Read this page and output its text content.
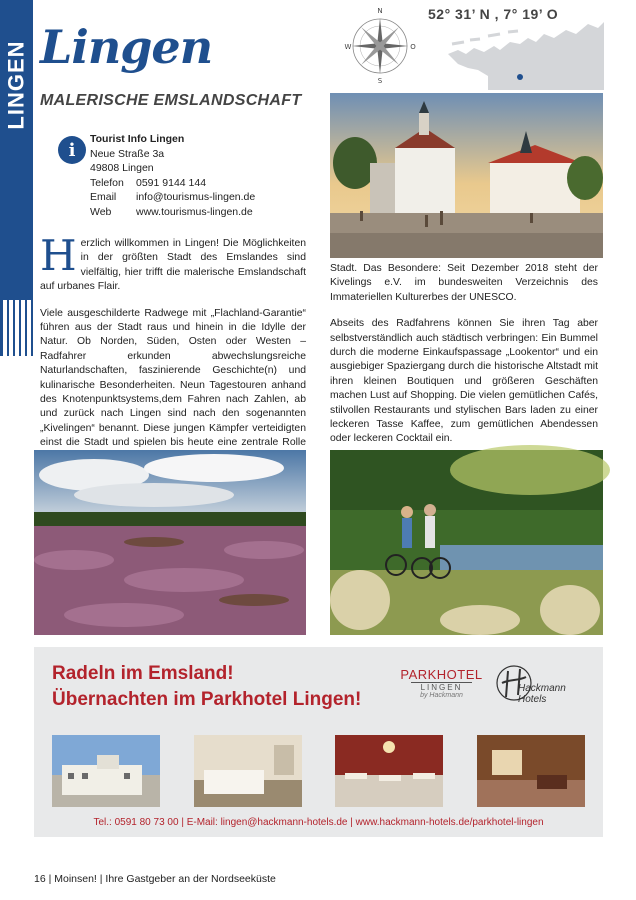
LINGEN Lingen
MALERISCHE EMSLANDSCHAFT
N
S
O
W
52° 31’ N , 7° 19’ O
i
Tourist Info Lingen
Neue Straße 3a
49808 Lingen
Telefon	0591 9144 144
Email	info@tourismus-lingen.de
Web	www.tourismus-lingen.de

Herzlich willkommen in Lingen! Die Möglichkeiten in der größten Stadt des Emslandes sind vielfältig, hier trifft die malerische Emslandschaft auf urbanes Flair.

Viele ausgeschilderte Radwege mit „Flachland-Garantie“ führen aus der Stadt raus und hinein in die Idylle der Natur. Ob Norden, Süden, Osten oder Westen – Radfahrer erkunden abwechslungsreiche Naturlandschaften, faszinierende Geschichte(n) und kulinarische Besonderheiten. Neun Tagestouren anhand des Knotenpunktsystems,dem Fahren nach Zahlen, ab und zurück nach Lingen sind nach den sogenannten „Kivelingen“ benannt. Diese jungen Kämpfer verteidigten einst die Stadt und spielen bis heute eine zentrale Rolle

Stadt. Das Besondere: Seit Dezember 2018 steht der Kivelings e.V. im bundesweiten Verzeichnis des Immateriellen Kulturerbes der UNESCO.

Abseits des Radfahrens können Sie ihren Tag aber selbstverständlich auch städtisch verbringen: Ein Bummel durch die moderne Einkaufspassage „Lookentor“ und ein ausgiebiger Spaziergang durch die historische Altstadt mit ihren kleinen Boutiquen und größeren Geschäften machen Lust auf Shopping. Die vielen gemütlichen Cafés, stilvollen Restaurants und stylischen Bars laden zu einer leckeren Tasse Kaffee, zum gemütlichen Abendessen oder leckeren Cocktail ein.

Radeln im Emsland!
Übernachten im Parkhotel Lingen!
PARKHOTEL
LINGEN
by Hackmann
Hackmann Hotels
Tel.: 0591 80 73 00 | E-Mail: lingen@hackmann-hotels.de | www.hackmann-hotels.de/parkhotel-lingen
16 | Moinsen! | Ihre Gastgeber an der Nordseeküste
